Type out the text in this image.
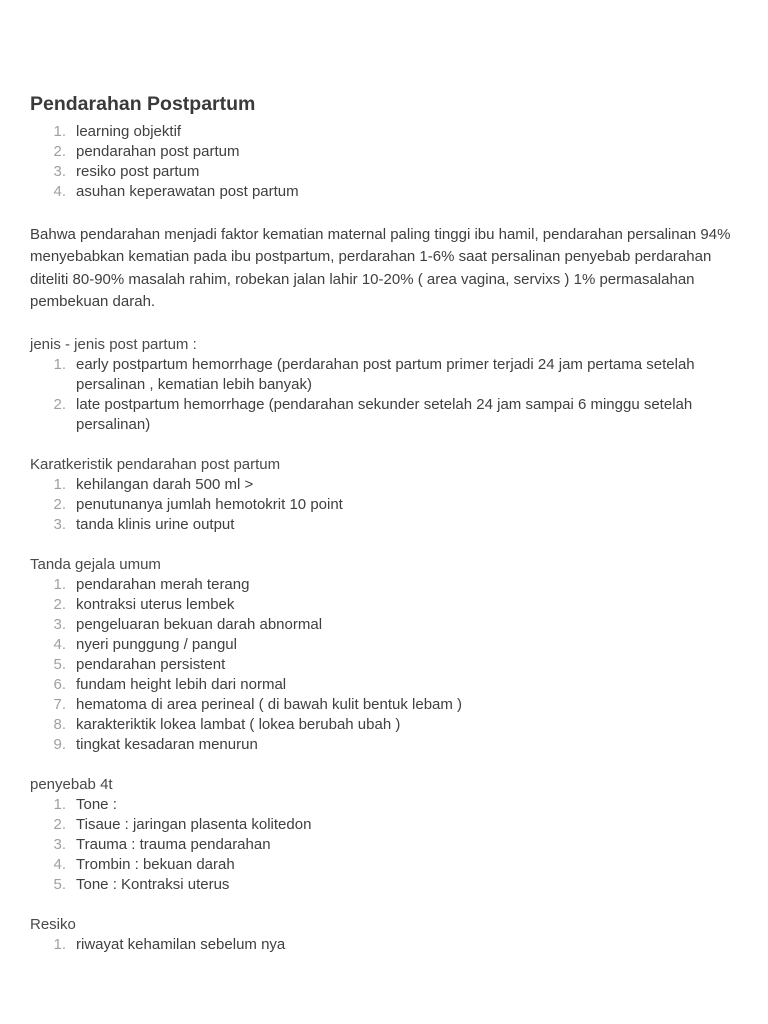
Pendarahan Postpartum
1. learning objektif
2. pendarahan post partum
3. resiko post partum
4. asuhan keperawatan post partum

Bahwa pendarahan menjadi faktor kematian maternal paling tinggi ibu hamil, pendarahan persalinan 94% menyebabkan kematian pada ibu postpartum, perdarahan 1-6% saat persalinan penyebab perdarahan diteliti 80-90% masalah rahim, robekan jalan lahir 10-20% ( area vagina, servixs ) 1% permasalahan pembekuan darah.

jenis - jenis post partum :

1. early postpartum hemorrhage (perdarahan post partum primer terjadi 24 jam pertama setelah persalinan , kematian lebih banyak)
2. late postpartum hemorrhage (pendarahan sekunder setelah 24 jam sampai 6 minggu setelah persalinan)

Karatkeristik pendarahan post partum

1. kehilangan darah 500 ml >
2. penutunanya jumlah hemotokrit 10 point
3. tanda klinis urine output

Tanda gejala umum

1. pendarahan merah terang
2. kontraksi uterus lembek
3. pengeluaran bekuan darah abnormal
4. nyeri punggung / pangul
5. pendarahan persistent
6. fundam height lebih dari normal
7. hematoma di area perineal ( di bawah kulit bentuk lebam )
8. karakteriktik lokea lambat ( lokea berubah ubah )
9. tingkat kesadaran menurun

penyebab 4t

1. Tone :
2. Tisaue : jaringan plasenta kolitedon
3. Trauma : trauma pendarahan
4. Trombin : bekuan darah
5. Tone : Kontraksi uterus

Resiko

1. riwayat kehamilan sebelum nya
